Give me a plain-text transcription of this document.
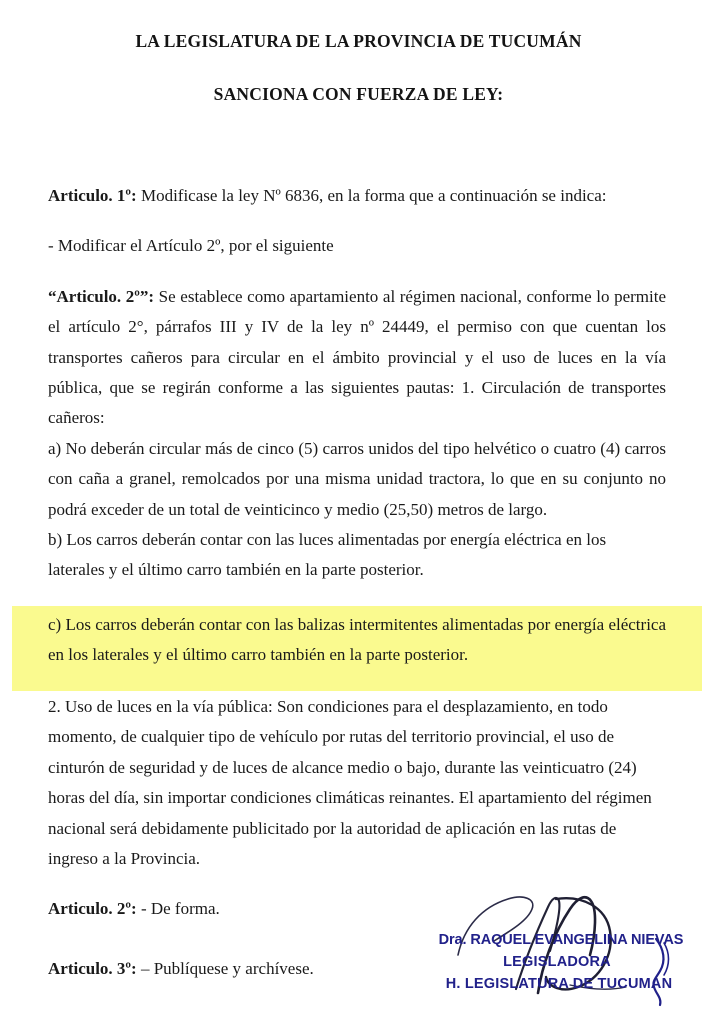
LA LEGISLATURA DE LA PROVINCIA DE TUCUMÁN
SANCIONA CON FUERZA DE LEY:

Articulo. 1º: Modificase la ley Nº 6836, en la forma que a continuación se indica:

- Modificar el Artículo 2º, por el siguiente

“Articulo. 2º”: Se establece como apartamiento al régimen nacional, conforme lo permite el artículo 2°, párrafos III y IV de la ley nº 24449, el permiso con que cuentan los transportes cañeros para circular en el ámbito provincial y el uso de luces en la vía pública, que se regirán conforme a las siguientes pautas: 1. Circulación de transportes cañeros:

a) No deberán circular más de cinco (5) carros unidos del tipo helvético o cuatro (4) carros con caña a granel, remolcados por una misma unidad tractora, lo que en su conjunto no podrá exceder de un total de veinticinco y medio (25,50) metros de largo.

b) Los carros deberán contar con las luces alimentadas por energía eléctrica en los laterales y el último carro también en la parte posterior.

2. Uso de luces en la vía pública: Son condiciones para el desplazamiento, en todo momento, de cualquier tipo de vehículo por rutas del territorio provincial, el uso de cinturón de seguridad y de luces de alcance medio o bajo, durante las veinticuatro (24) horas del día, sin importar condiciones climáticas reinantes. El apartamiento del régimen nacional será debidamente publicitado por la autoridad de aplicación en las rutas de ingreso a la Provincia.

Articulo. 2º: - De forma.

Articulo. 3º: – Publíquese y archívese.

c) Los carros deberán contar con las balizas intermitentes alimentadas por energía eléctrica en los laterales y el último carro también en la parte posterior.
Dra. RAQUEL EVANGELINA NIEVAS
LEGISLADORA
H. LEGISLATURA DE TUCUMAN
